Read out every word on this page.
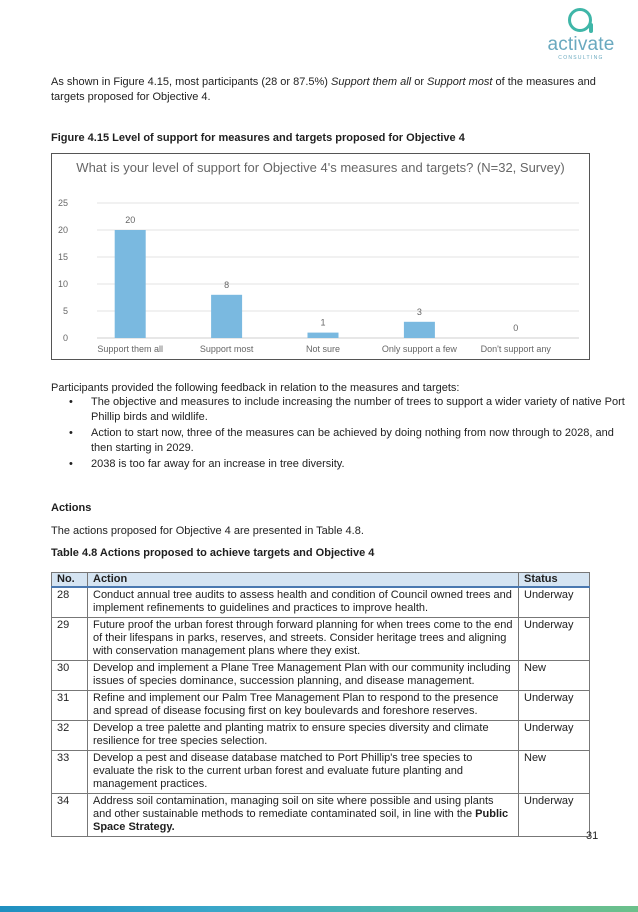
activate
CONSULTING

As shown in Figure 4.15, most participants (28 or 87.5%) Support them all or Support most of the measures and targets proposed for Objective 4.

Figure 4.15 Level of support for measures and targets proposed for Objective 4
What is your level of support for Objective 4's measures and targets? (N=32, Survey)
0
5
10
15
20
25
20
Support them all
8
Support most
1
Not sure
3
Only support a few
0
Don't support any
Participants provided the following feedback in relation to the measures and targets:
• The objective and measures to include increasing the number of trees to support a wider variety of native Port Phillip birds and wildlife.
• Action to start now, three of the measures can be achieved by doing nothing from now through to 2028, and then starting in 2029.
• 2038 is too far away for an increase in tree diversity.
Actions
The actions proposed for Objective 4 are presented in Table 4.8.
Table 4.8 Actions proposed to achieve targets and Objective 4
No.	Action	Status
28	Conduct annual tree audits to assess health and condition of Council owned trees and implement refinements to guidelines and practices to improve health.	Underway
29	Future proof the urban forest through forward planning for when trees come to the end of their lifespans in parks, reserves, and streets. Consider heritage trees and aligning with conservation management plans where they exist.	Underway
30	Develop and implement a Plane Tree Management Plan with our community including issues of species dominance, succession planning, and disease management.	New
31	Refine and implement our Palm Tree Management Plan to respond to the presence and spread of disease focusing first on key boulevards and foreshore reserves.	Underway
32	Develop a tree palette and planting matrix to ensure species diversity and climate resilience for tree species selection.	Underway
33	Develop a pest and disease database matched to Port Phillip's tree species to evaluate the risk to the current urban forest and evaluate future planting and management practices.	New
34	Address soil contamination, managing soil on site where possible and using plants and other sustainable methods to remediate contaminated soil, in line with the Public Space Strategy.	Underway
31
